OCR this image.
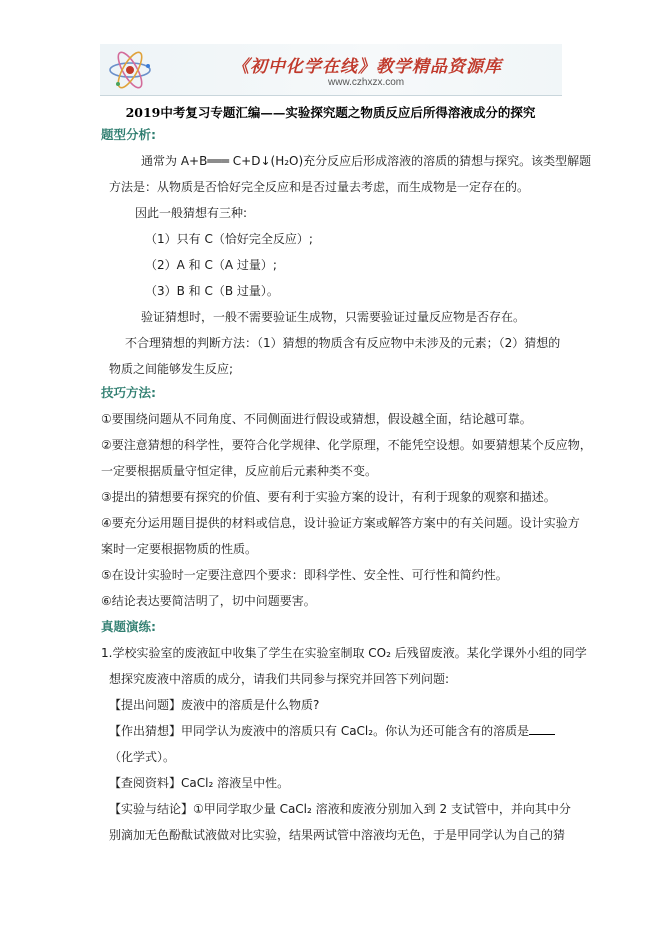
《初中化学在线》教学精品资源库
www.czhxzx.com
2019中考复习专题汇编——实验探究题之物质反应后所得溶液成分的探究
题型分析:
通常为 A+B═══ C+D↓(H₂O)充分反应后形成溶液的溶质的猜想与探究。该类型解题
方法是：从物质是否恰好完全反应和是否过量去考虑，而生成物是一定存在的。
因此一般猜想有三种:
（1）只有 C（恰好完全反应）;
（2）A 和 C（A 过量）;
（3）B 和 C（B 过量）。
验证猜想时，一般不需要验证生成物，只需要验证过量反应物是否存在。
不合理猜想的判断方法：（1）猜想的物质含有反应物中未涉及的元素；（2）猜想的
物质之间能够发生反应;
技巧方法:
①要围绕问题从不同角度、不同侧面进行假设或猜想，假设越全面，结论越可靠。
②要注意猜想的科学性，要符合化学规律、化学原理，不能凭空设想。如要猜想某个反应物，
一定要根据质量守恒定律，反应前后元素种类不变。
③提出的猜想要有探究的价值、要有利于实验方案的设计，有利于现象的观察和描述。
④要充分运用题目提供的材料或信息，设计验证方案或解答方案中的有关问题。设计实验方
案时一定要根据物质的性质。
⑤在设计实验时一定要注意四个要求：即科学性、安全性、可行性和简约性。
⑥结论表达要简洁明了，切中问题要害。
真题演练:
1.学校实验室的废液缸中收集了学生在实验室制取 CO₂ 后残留废液。某化学课外小组的同学
想探究废液中溶质的成分，请我们共同参与探究并回答下列问题:
【提出问题】废液中的溶质是什么物质?
【作出猜想】甲同学认为废液中的溶质只有 CaCl₂。你认为还可能含有的溶质是
（化学式）。
【查阅资料】CaCl₂ 溶液呈中性。
【实验与结论】①甲同学取少量 CaCl₂ 溶液和废液分别加入到 2 支试管中，并向其中分
别滴加无色酚酞试液做对比实验，结果两试管中溶液均无色，于是甲同学认为自己的猜
